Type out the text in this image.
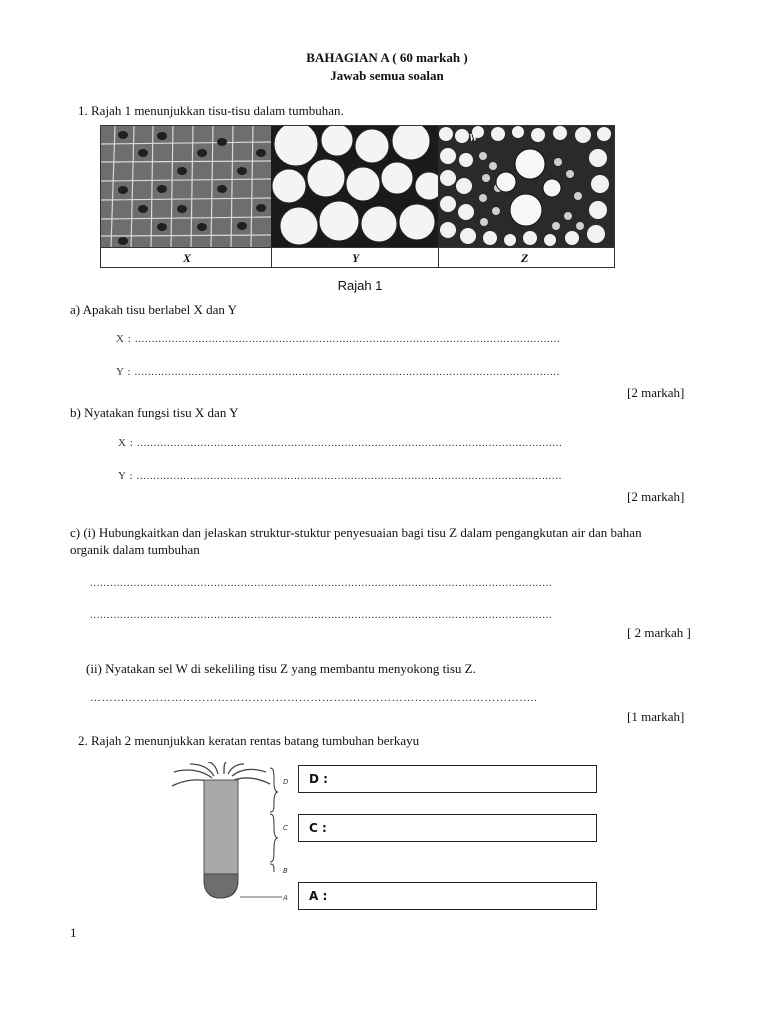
BAHAGIAN A ( 60 markah )
Jawab semua soalan
1. Rajah 1 menunjukkan tisu-tisu dalam tumbuhan.
W
X	Y	Z
Rajah 1
a) Apakah tisu berlabel X dan Y
X : ...............................................................................................................................
Y : ...............................................................................................................................
[2 markah]
b) Nyatakan fungsi tisu X dan Y
X : ...............................................................................................................................
Y : ...............................................................................................................................
[2 markah]
c) (i) Hubungkaitkan dan jelaskan struktur-stuktur penyesuaian bagi tisu Z dalam pengangkutan air dan bahan
organik dalam tumbuhan
..........................................................................................................................................
..........................................................................................................................................
[ 2 markah ]
(ii) Nyatakan sel W di sekeliling tisu Z yang membantu menyokong tisu Z.
……………………………………………………………………………………………………..
[1 markah]
2. Rajah 2 menunjukkan keratan rentas batang tumbuhan berkayu
D
C
B
A
D :
C :
A :
1
